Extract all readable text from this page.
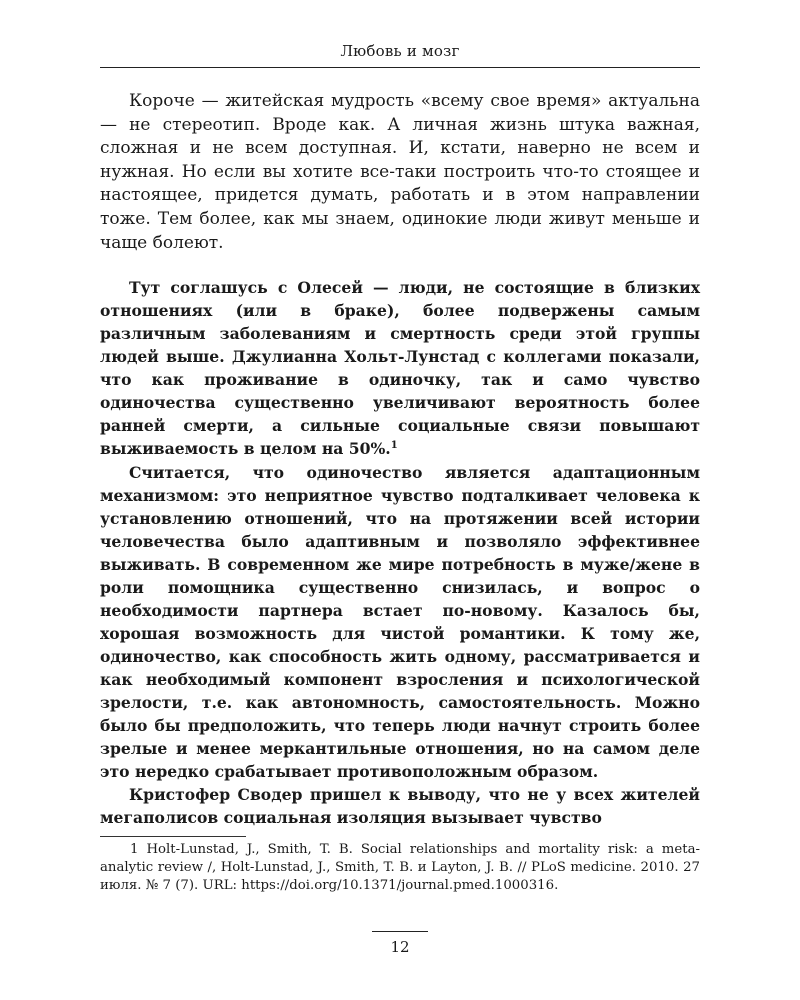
Любовь и мозг

Короче — житейская мудрость «всему свое время» актуальна — не стереотип. Вроде как. А личная жизнь штука важная, сложная и не всем доступная. И, кстати, наверно не всем и нужная. Но если вы хотите все-таки построить что-то стоящее и настоящее, придется думать, работать и в этом направлении тоже. Тем более, как мы знаем, одинокие люди живут меньше и чаще болеют.

Тут соглашусь с Олесей — люди, не состоящие в близких отношениях (или в браке), более подвержены самым различным заболеваниям и смертность среди этой группы людей выше. Джулианна Хольт-Лунстад с коллегами показали, что как проживание в одиночку, так и само чувство одиночества существенно увеличивают вероятность более ранней смерти, а сильные социальные связи повышают выживаемость в целом на 50%.$^1$

Считается, что одиночество является адаптационным механизмом: это неприятное чувство подталкивает человека к установлению отношений, что на протяжении всей истории человечества было адаптивным и позволяло эффективнее выживать. В современном же мире потребность в муже/жене в роли помощника существенно снизилась, и вопрос о необходимости партнера встает по-новому. Казалось бы, хорошая возможность для чистой романтики. К тому же, одиночество, как способность жить одному, рассматривается и как необходимый компонент взросления и психологической зрелости, т.е. как автономность, самостоятельность. Можно было бы предположить, что теперь люди начнут строить более зрелые и менее меркантильные отношения, но на самом деле это нередко срабатывает противоположным образом.

Кристофер Сводер пришел к выводу, что не у всех жителей мегаполисов социальная изоляция вызывает чувство

1 Holt-Lunstad, J., Smith, T. B. Social relationships and mortality risk: a meta-analytic review /, Holt-Lunstad, J., Smith, T. B. и Layton, J. B. // PLoS medicine. 2010. 27 июля. № 7 (7). URL: https://doi.org/10.1371/journal.pmed.1000316.

12
